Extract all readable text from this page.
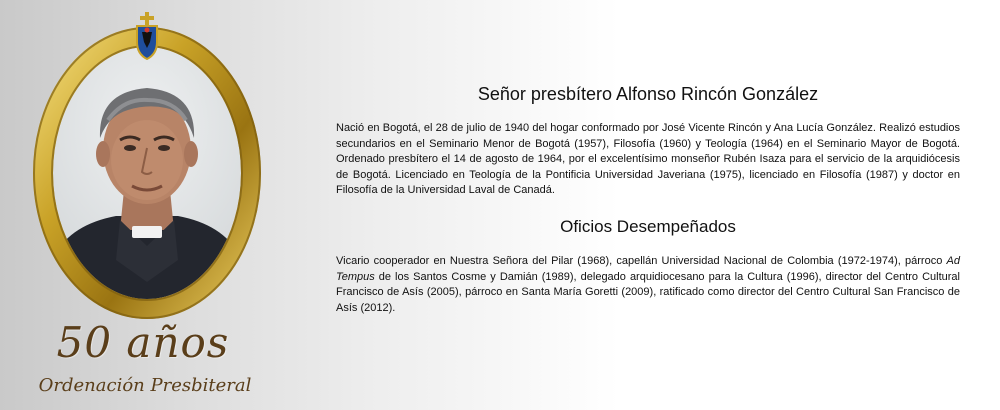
50 años
Ordenación Presbiteral
Señor presbítero Alfonso Rincón González
Nació en Bogotá, el 28 de julio de 1940 del hogar conformado por José Vicente Rincón y Ana Lucía González. Realizó estudios secundarios en el Seminario Menor de Bogotá (1957), Filosofía (1960) y Teología (1964) en el Seminario Mayor de Bogotá. Ordenado presbítero el 14 de agosto de 1964, por el excelentísimo monseñor Rubén Isaza para el servicio de la arquidiócesis de Bogotá. Licenciado en Teología de la Pontificia Universidad Javeriana (1975), licenciado en Filosofía (1987) y doctor en Filosofía de la Universidad Laval de Canadá.
Oficios Desempeñados
Vicario cooperador en Nuestra Señora del Pilar (1968), capellán Universidad Nacional de Colombia (1972-1974), párroco Ad Tempus de los Santos Cosme y Damián (1989), delegado arquidiocesano para la Cultura (1996), director del Centro Cultural Francisco de Asís (2005), párroco en Santa María Goretti (2009), ratificado como director del Centro Cultural San Francisco de Asís (2012).
